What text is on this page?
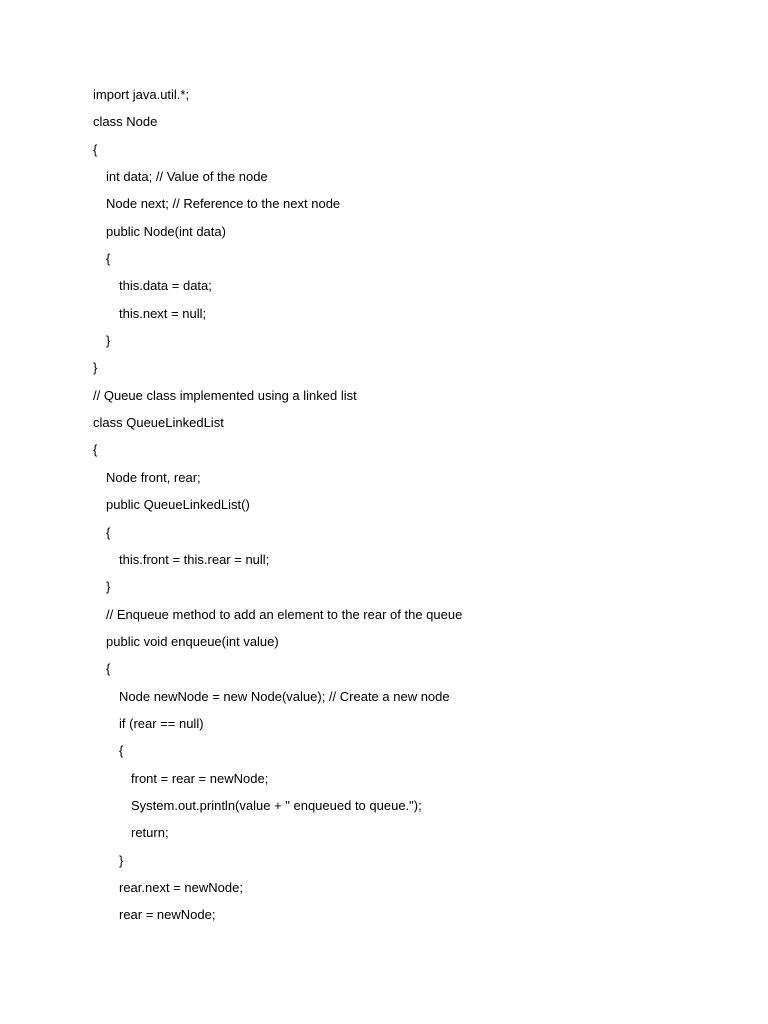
import java.util.*;
class Node
{
int data; // Value of the node
Node next; // Reference to the next node
public Node(int data)
{
this.data = data;
this.next = null;
}
}
// Queue class implemented using a linked list
class QueueLinkedList
{
Node front, rear;
public QueueLinkedList()
{
this.front = this.rear = null;
}
// Enqueue method to add an element to the rear of the queue
public void enqueue(int value)
{
Node newNode = new Node(value); // Create a new node
if (rear == null)
{
front = rear = newNode;
System.out.println(value + " enqueued to queue.");
return;
}
rear.next = newNode;
rear = newNode;
